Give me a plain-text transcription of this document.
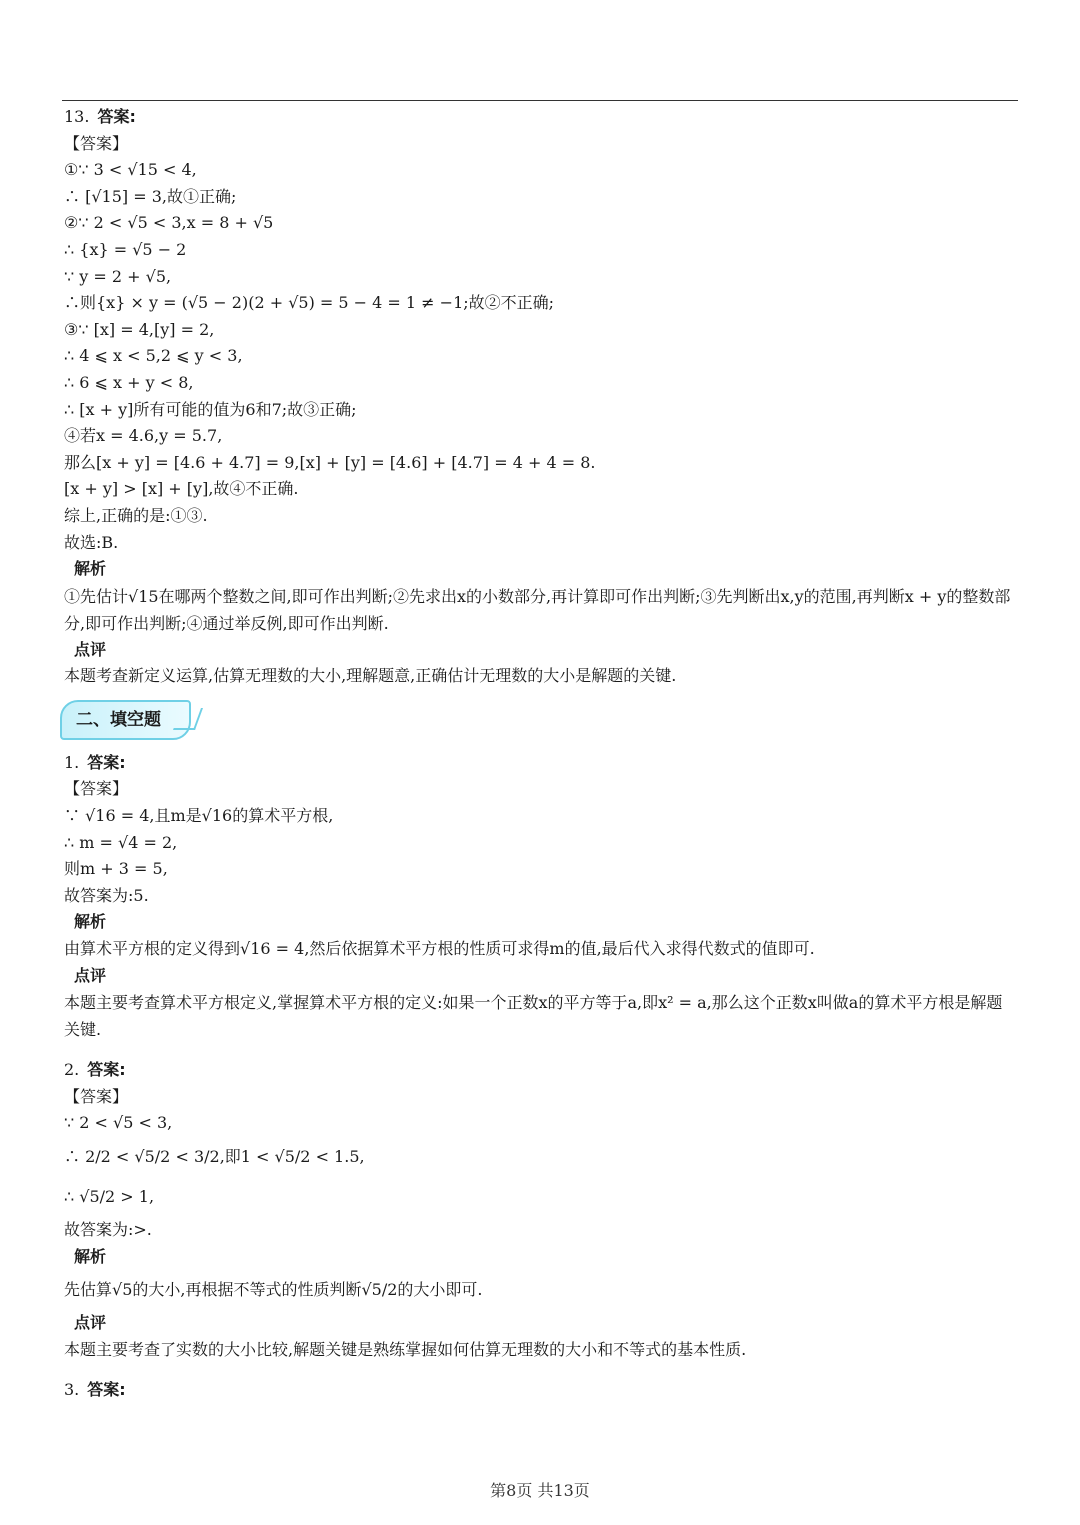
13. 答案:
【答案】
①∵ 3 < √15 < 4,
∴ [√15] = 3,故①正确;
②∵ 2 < √5 < 3,x = 8 + √5
∴ {x} = √5 − 2
∵ y = 2 + √5,
∴则{x} × y = (√5 − 2)(2 + √5) = 5 − 4 = 1 ≠ −1;故②不正确;
③∵ [x] = 4,[y] = 2,
∴ 4 ⩽ x < 5,2 ⩽ y < 3,
∴ 6 ⩽ x + y < 8,
∴ [x + y]所有可能的值为6和7;故③正确;
④若x = 4.6,y = 5.7,
那么[x + y] = [4.6 + 4.7] = 9,[x] + [y] = [4.6] + [4.7] = 4 + 4 = 8.
[x + y] > [x] + [y],故④不正确.
综上,正确的是:①③.
故选:B.
解析
①先估计√15在哪两个整数之间,即可作出判断;②先求出x的小数部分,再计算即可作出判断;③先判断出x,y的范围,再判断x + y的整数部分,即可作出判断;④通过举反例,即可作出判断.
点评
本题考查新定义运算,估算无理数的大小,理解题意,正确估计无理数的大小是解题的关键.
二、填空题
1. 答案:
【答案】
∵ √16 = 4,且m是√16的算术平方根,
∴ m = √4 = 2,
则m + 3 = 5,
故答案为:5.
解析
由算术平方根的定义得到√16 = 4,然后依据算术平方根的性质可求得m的值,最后代入求得代数式的值即可.
点评
本题主要考查算术平方根定义,掌握算术平方根的定义:如果一个正数x的平方等于a,即x² = a,那么这个正数x叫做a的算术平方根是解题关键.
2. 答案:
【答案】
∵ 2 < √5 < 3,
∴ 2/2 < √5/2 < 3/2,即1 < √5/2 < 1.5,
∴ √5/2 > 1,
故答案为:>.
解析
先估算√5的大小,再根据不等式的性质判断√5/2的大小即可.
点评
本题主要考查了实数的大小比较,解题关键是熟练掌握如何估算无理数的大小和不等式的基本性质.
3. 答案:
第8页 共13页
